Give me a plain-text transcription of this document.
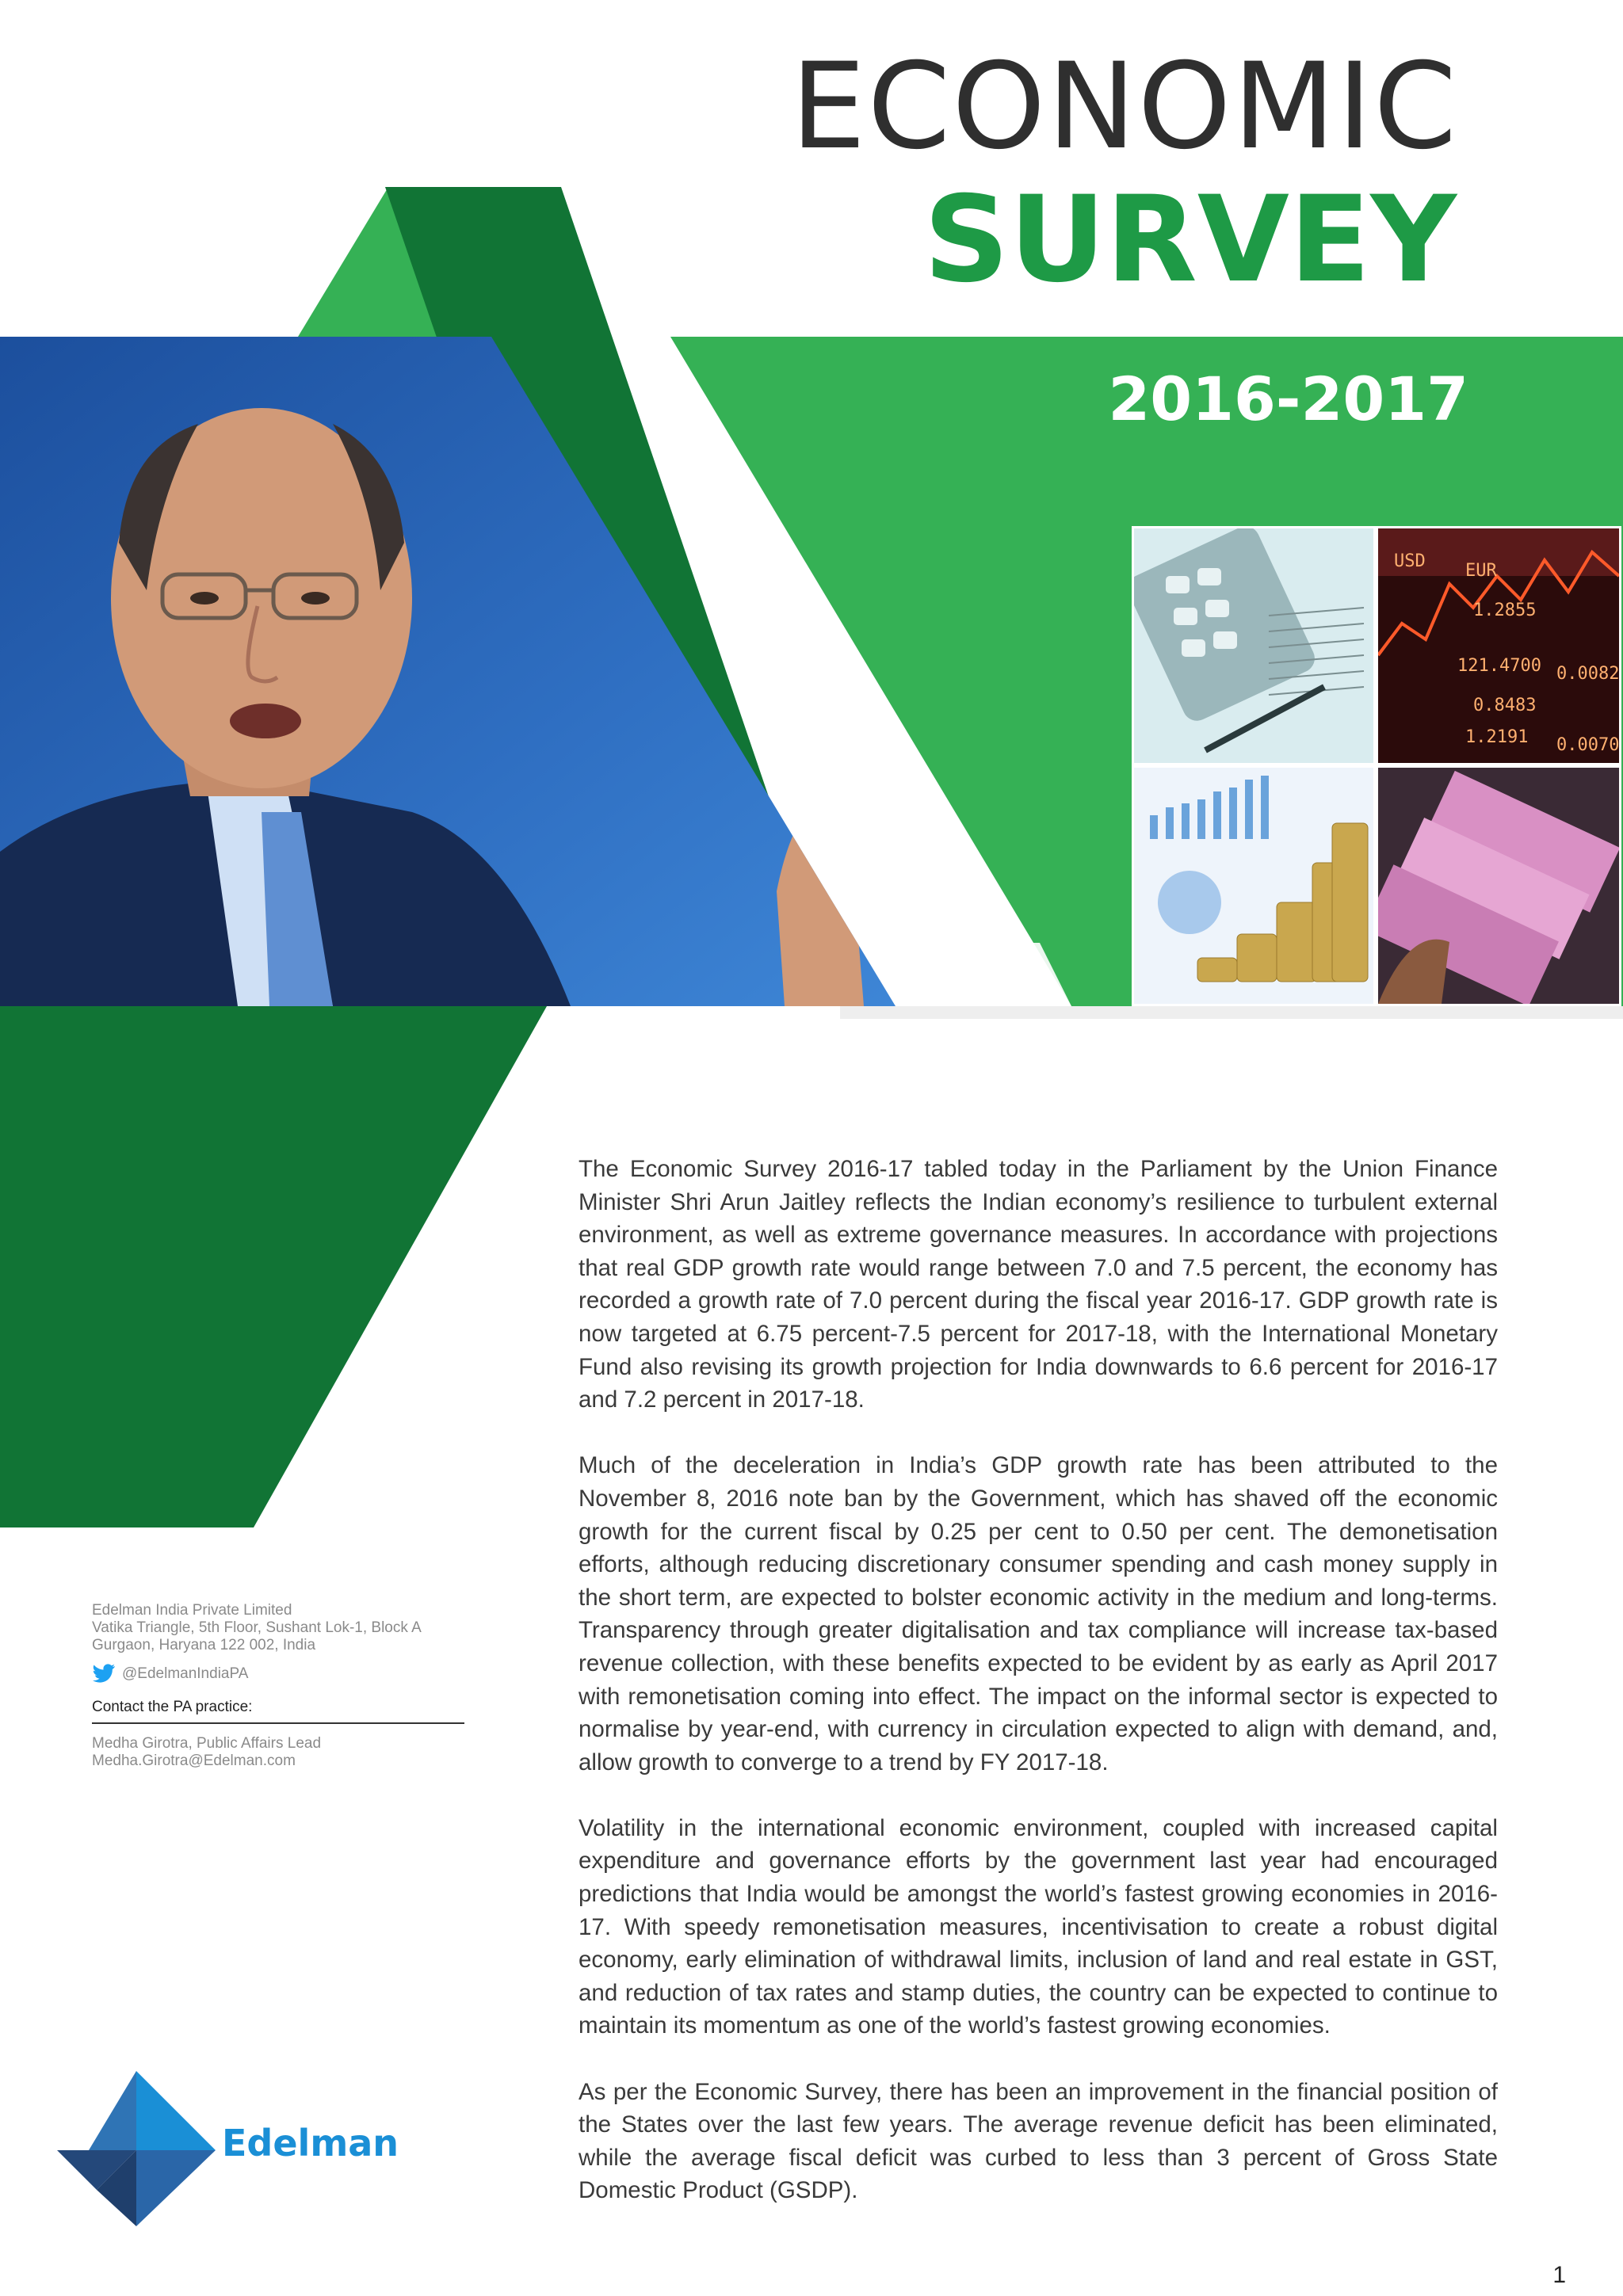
USD EUR
1.2855
121.4700
0.8483
1.2191
0.0082
0.0070
ECONOMIC
SURVEY
2016-2017

The Economic Survey 2016-17 tabled today in the Parliament by the Union Finance Minister Shri Arun Jaitley reflects the Indian economy’s resilience to turbulent external environment, as well as extreme governance measures. In accordance with projections that real GDP growth rate would range between 7.0 and 7.5 percent, the economy has recorded a growth rate of 7.0 percent during the fiscal year 2016-17. GDP growth rate is now targeted at 6.75 percent-7.5 percent for 2017-18, with the International Monetary Fund also revising its growth projection for India downwards to 6.6 percent for 2016-17 and 7.2 percent in 2017-18.

Much of the deceleration in India’s GDP growth rate has been attributed to the November 8, 2016 note ban by the Government, which has shaved off the economic growth for the current fiscal by 0.25 per cent to 0.50 per cent. The demonetisation efforts, although reducing discretionary consumer spending and cash money supply in the short term, are expected to bolster economic activity in the medium and long-terms. Transparency through greater digitalisation and tax compliance will increase tax-based revenue collection, with these benefits expected to be evident by as early as April 2017 with remonetisation coming into effect. The impact on the informal sector is expected to normalise by year-end, with currency in circulation expected to align with demand, and, allow growth to converge to a trend by FY 2017-18.

Volatility in the international economic environment, coupled with increased capital expenditure and governance efforts by the government last year had encouraged predictions that India would be amongst the world’s fastest growing economies in 2016-17. With speedy remonetisation measures, incentivisation to create a robust digital economy, early elimination of withdrawal limits, inclusion of land and real estate in GST, and reduction of tax rates and stamp duties, the country can be expected to continue to maintain its momentum as one of the world’s fastest growing economies.

As per the Economic Survey, there has been an improvement in the financial position of the States over the last few years. The average revenue deficit has been eliminated, while the average fiscal deficit was curbed to less than 3 percent of Gross State Domestic Product (GSDP).

Edelman India Private Limited
Vatika Triangle, 5th Floor, Sushant Lok-1, Block A
Gurgaon, Haryana 122 002, India
@EdelmanIndiaPA
Contact the PA practice:
Medha Girotra, Public Affairs Lead
Medha.Girotra@Edelman.com
Edelman
1
